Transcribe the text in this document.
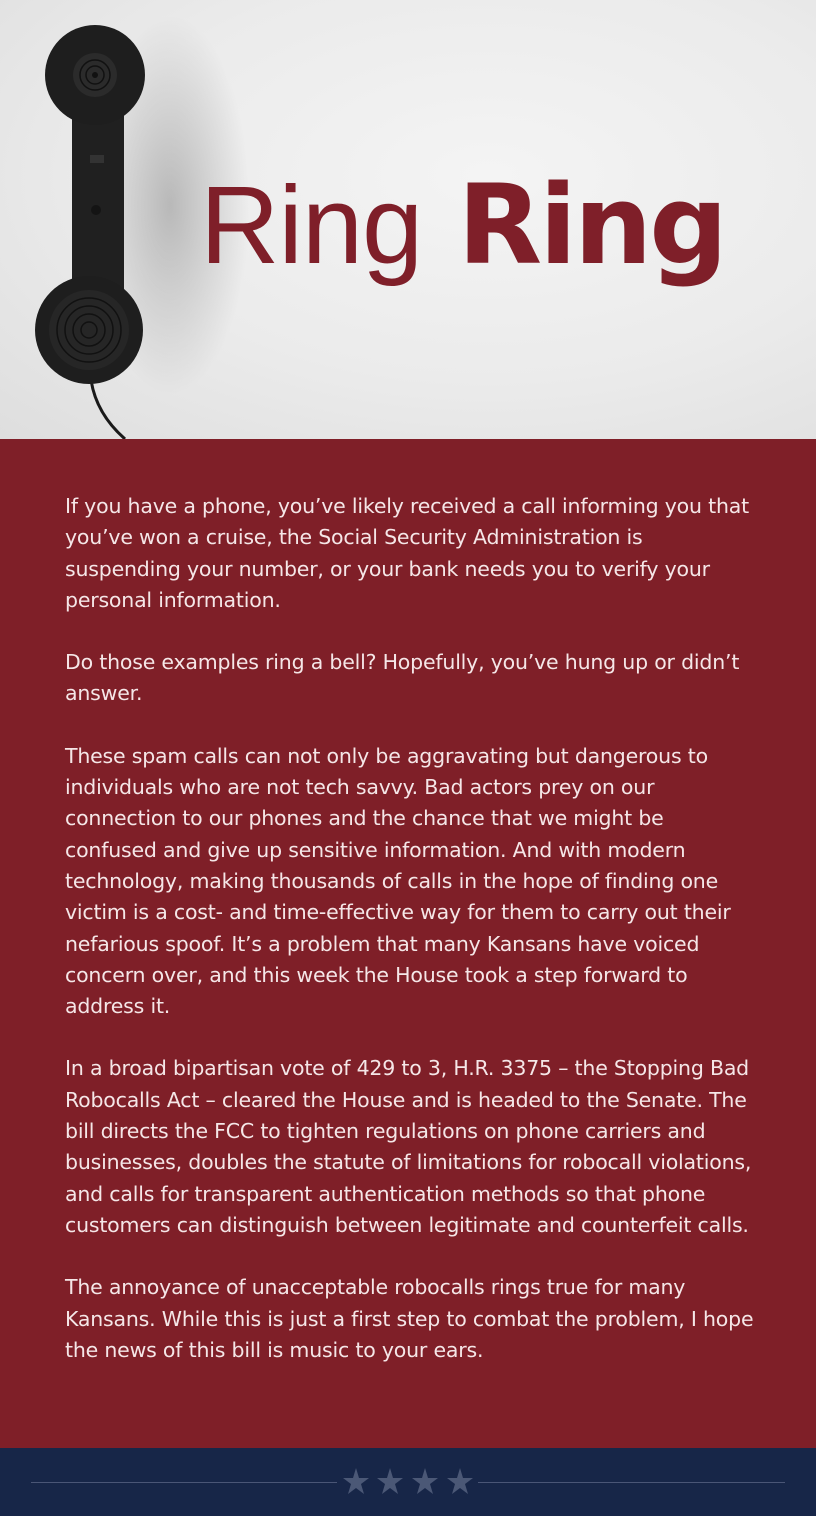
Ring Ring

If you have a phone, you’ve likely received a call informing you that you’ve won a cruise, the Social Security Administration is suspending your number, or your bank needs you to verify your personal information.

Do those examples ring a bell? Hopefully, you’ve hung up or didn’t answer.

These spam calls can not only be aggravating but dangerous to individuals who are not tech savvy. Bad actors prey on our connection to our phones and the chance that we might be confused and give up sensitive information. And with modern technology, making thousands of calls in the hope of finding one victim is a cost- and time-effective way for them to carry out their nefarious spoof. It’s a problem that many Kansans have voiced concern over, and this week the House took a step forward to address it.

In a broad bipartisan vote of 429 to 3, H.R. 3375 – the Stopping Bad Robocalls Act – cleared the House and is headed to the Senate. The bill directs the FCC to tighten regulations on phone carriers and businesses, doubles the statute of limitations for robocall violations, and calls for transparent authentication methods so that phone customers can distinguish between legitimate and counterfeit calls.

The annoyance of unacceptable robocalls rings true for many Kansans. While this is just a first step to combat the problem, I hope the news of this bill is music to your ears.
